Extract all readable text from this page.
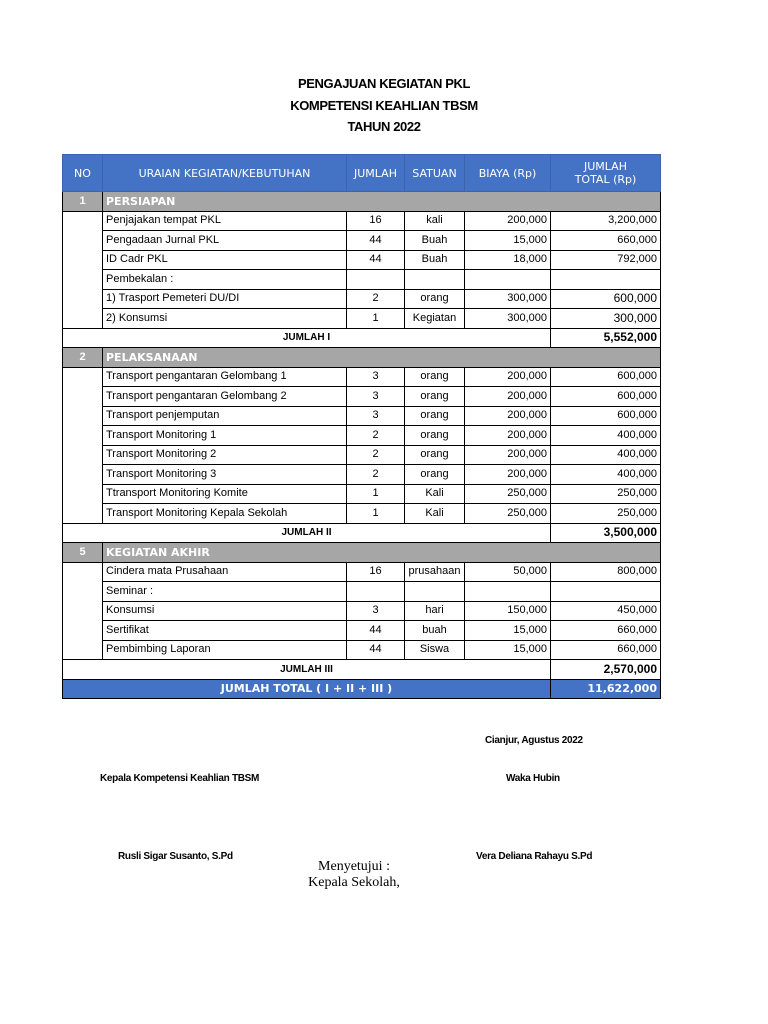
PENGAJUAN KEGIATAN PKL
KOMPETENSI KEAHLIAN TBSM
TAHUN 2022
NO	URAIAN KEGIATAN/KEBUTUHAN	JUMLAH	SATUAN	BIAYA (Rp)	JUMLAH TOTAL (Rp)
1	PERSIAPAN				
	Penjajakan tempat PKL	16	kali	200,000	3,200,000
	Pengadaan Jurnal PKL	44	Buah	15,000	660,000
	ID Cadr PKL	44	Buah	18,000	792,000
	Pembekalan :				
	1) Trasport Pemeteri DU/DI	2	orang	300,000	600,000
	2) Konsumsi	1	Kegiatan	300,000	300,000
JUMLAH I					5,552,000
2	PELAKSANAAN				
	Transport pengantaran Gelombang 1	3	orang	200,000	600,000
	Transport pengantaran Gelombang 2	3	orang	200,000	600,000
	Transport penjemputan	3	orang	200,000	600,000
	Transport Monitoring 1	2	orang	200,000	400,000
	Transport Monitoring 2	2	orang	200,000	400,000
	Transport Monitoring 3	2	orang	200,000	400,000
	Ttransport Monitoring Komite	1	Kali	250,000	250,000
	Transport Monitoring Kepala Sekolah	1	Kali	250,000	250,000
JUMLAH II					3,500,000
5	KEGIATAN AKHIR				
	Cindera mata Prusahaan	16	prusahaan	50,000	800,000
	Seminar :				
	Konsumsi	3	hari	150,000	450,000
	Sertifikat	44	buah	15,000	660,000
	Pembimbing Laporan	44	Siswa	15,000	660,000
JUMLAH III					2,570,000
JUMLAH TOTAL ( I + II + III )					11,622,000
Cianjur, Agustus 2022
Kepala Kompetensi Keahlian TBSM	Waka Hubin
Rusli Sigar Susanto, S.Pd	Vera Deliana Rahayu S.Pd
Menyetujui :
Kepala Sekolah,
